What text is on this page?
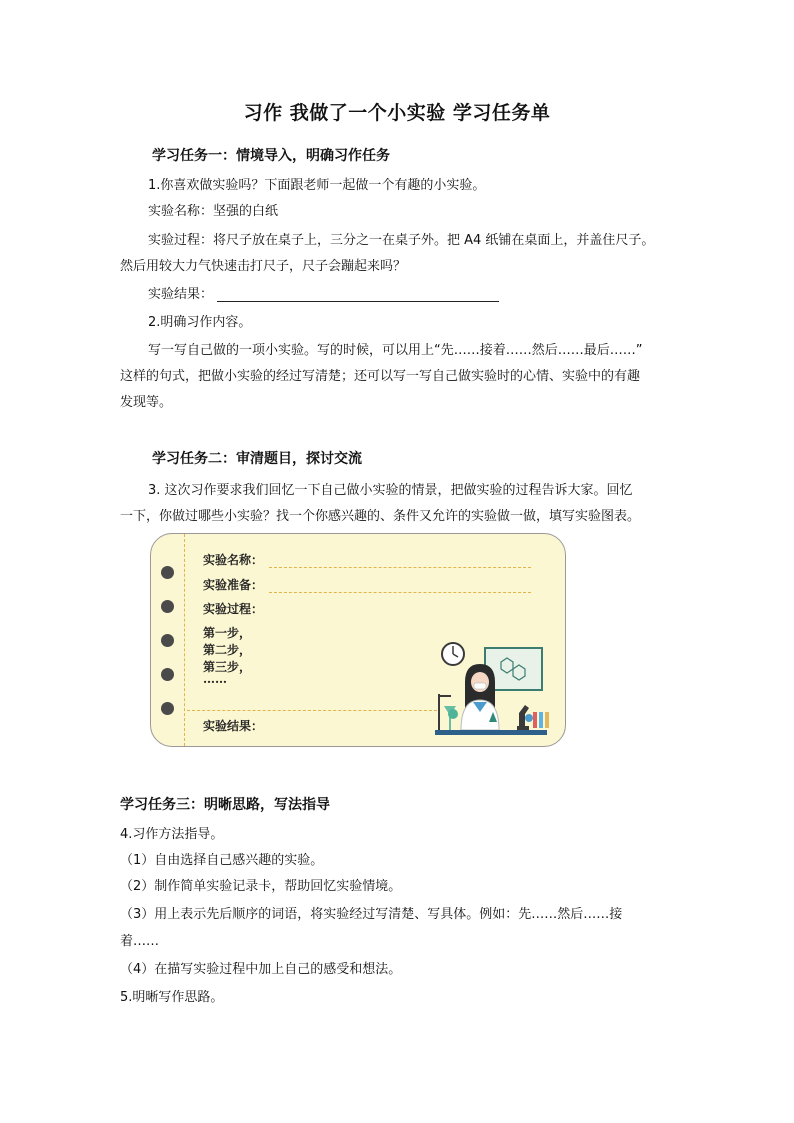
习作 我做了一个小实验 学习任务单
学习任务一：情境导入，明确习作任务
1.你喜欢做实验吗？下面跟老师一起做一个有趣的小实验。
实验名称：坚强的白纸
实验过程：将尺子放在桌子上，三分之一在桌子外。把 A4 纸铺在桌面上，并盖住尺子。
然后用较大力气快速击打尺子，尺子会蹦起来吗？
实验结果：
2.明确习作内容。
写一写自己做的一项小实验。写的时候，可以用上“先……接着……然后……最后……”
这样的句式，把做小实验的经过写清楚；还可以写一写自己做实验时的心情、实验中的有趣
发现等。
学习任务二：审清题目，探讨交流
3. 这次习作要求我们回忆一下自己做小实验的情景，把做实验的过程告诉大家。回忆
一下，你做过哪些小实验？找一个你感兴趣的、条件又允许的实验做一做，填写实验图表。
实验名称：
实验准备：
实验过程：
第一步，
第二步，
第三步，
……
实验结果：
学习任务三：明晰思路，写法指导
4.习作方法指导。
（1）自由选择自己感兴趣的实验。
（2）制作简单实验记录卡，帮助回忆实验情境。
（3）用上表示先后顺序的词语，将实验经过写清楚、写具体。例如：先……然后……接
着……
（4）在描写实验过程中加上自己的感受和想法。
5.明晰写作思路。
